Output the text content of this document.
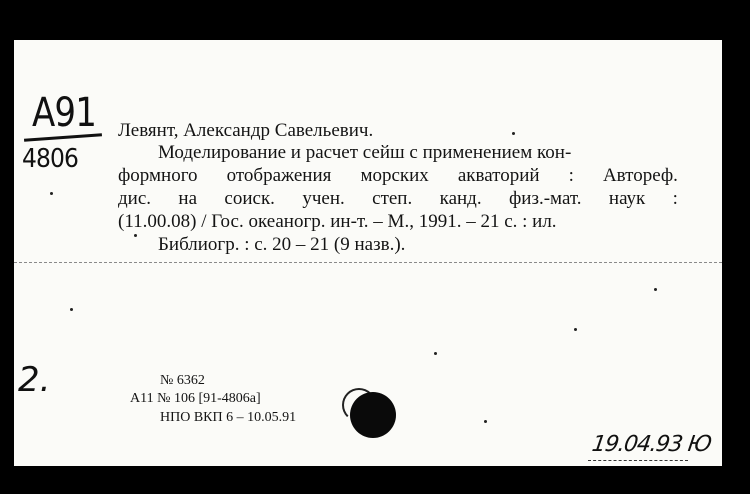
A91
4806
Левянт, Александр Савельевич.
Моделирование и расчет сейш с применением кон-
формного отображения морских акваторий : Автореф.
дис. на соиск. учен. степ. канд. физ.-мат. наук :
(11.00.08) / Гос. океаногр. ин-т. – М., 1991. – 21 с. : ил.
Библиогр. : с. 20 – 21 (9 назв.).
2.	№ 6362
А11 № 106 [91-4806а]
НПО ВКП 6 – 10.05.91
19.04.93 Ю
